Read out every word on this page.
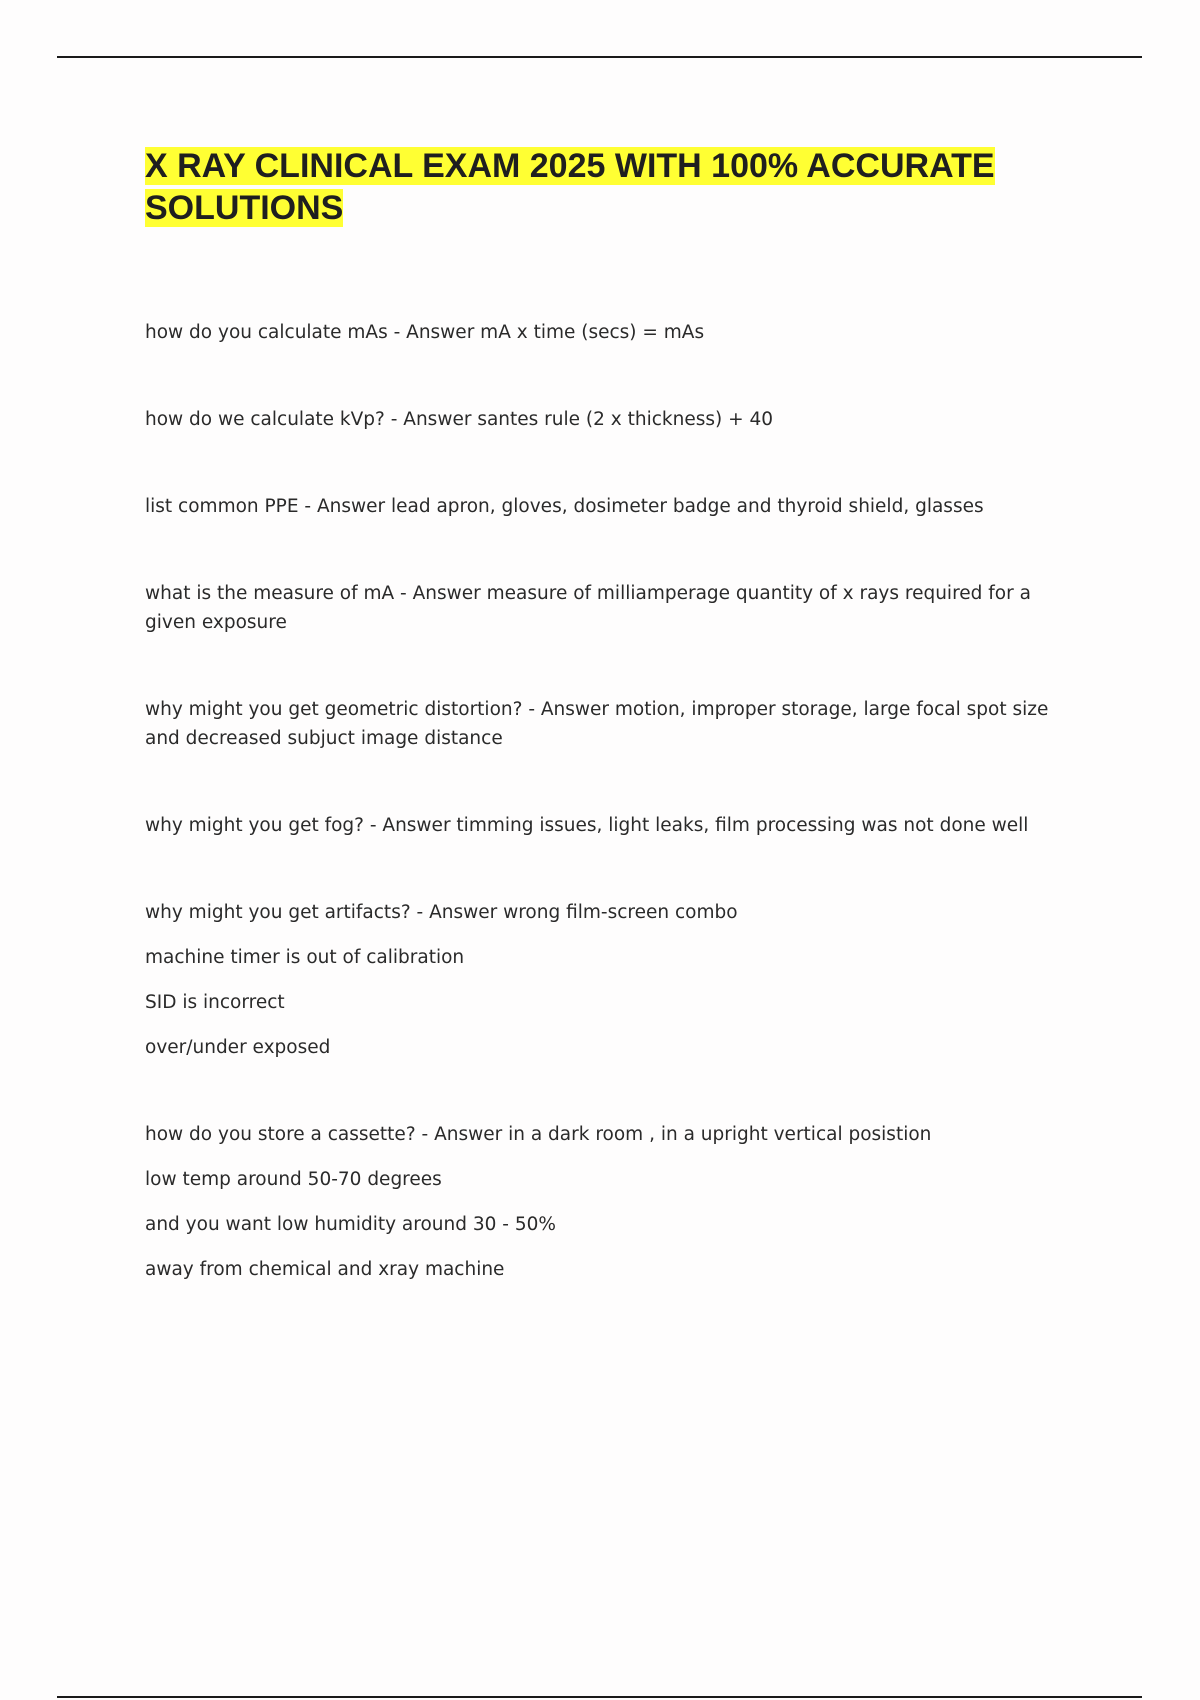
X RAY CLINICAL EXAM 2025 WITH 100% ACCURATE SOLUTIONS

how do you calculate mAs - Answer mA x time (secs) = mAs

how do we calculate kVp? - Answer santes rule (2 x thickness) + 40

list common PPE - Answer lead apron, gloves, dosimeter badge and thyroid shield, glasses

what is the measure of mA - Answer measure of milliamperage quantity of x rays required for a given exposure

why might you get geometric distortion? - Answer motion, improper storage, large focal spot size and decreased subjuct image distance

why might you get fog? - Answer timming issues, light leaks, film processing was not done well

why might you get artifacts? - Answer wrong film-screen combo

machine timer is out of calibration

SID is incorrect

over/under exposed

how do you store a cassette? - Answer in a dark room , in a upright vertical posistion

low temp around 50-70 degrees

and you want low humidity around 30 - 50%

away from chemical and xray machine
